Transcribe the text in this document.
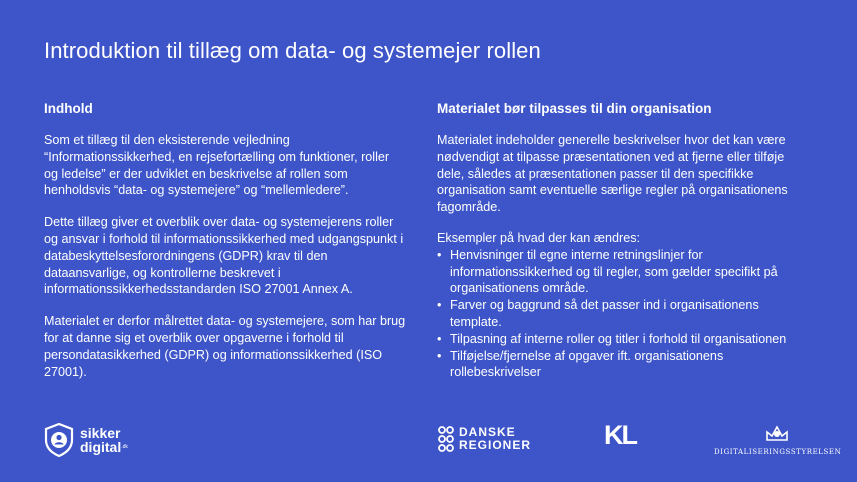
Introduktion til tillæg om data- og systemejer rollen

Indhold

Som et tillæg til den eksisterende vejledning “Informationssikkerhed, en rejsefortælling om funktioner, roller og ledelse” er der udviklet en beskrivelse af rollen som henholdsvis “data- og systemejere” og “mellemledere”.

Dette tillæg giver et overblik over data- og systemejerens roller og ansvar i forhold til informationssikkerhed med udgangspunkt i databeskyttelsesforordningens (GDPR) krav til den dataansvarlige, og kontrollerne beskrevet i informationssikkerhedsstandarden ISO 27001 Annex A.

Materialet er derfor målrettet data- og systemejere, som har brug for at danne sig et overblik over opgaverne i forhold til persondatasikkerhed (GDPR) og informationssikkerhed (ISO 27001).

Materialet bør tilpasses til din organisation

Materialet indeholder generelle beskrivelser hvor det kan være nødvendigt at tilpasse præsentationen ved at fjerne eller tilføje dele, således at præsentationen passer til den specifikke organisation samt eventuelle særlige regler på organisationens fagområde.

Eksempler på hvad der kan ændres:

• Henvisninger til egne interne retningslinjer for informationssikkerhed og til regler, som gælder specifikt på organisationens område.
• Farver og baggrund så det passer ind i organisationens template.
• Tilpasning af interne roller og titler i forhold til organisationen
• Tilføjelse/fjernelse af opgaver ift. organisationens rollebeskrivelser
sikker
digital.dk
DANSKE
REGIONER	KL
DIGITALISERINGSSTYRELSEN
